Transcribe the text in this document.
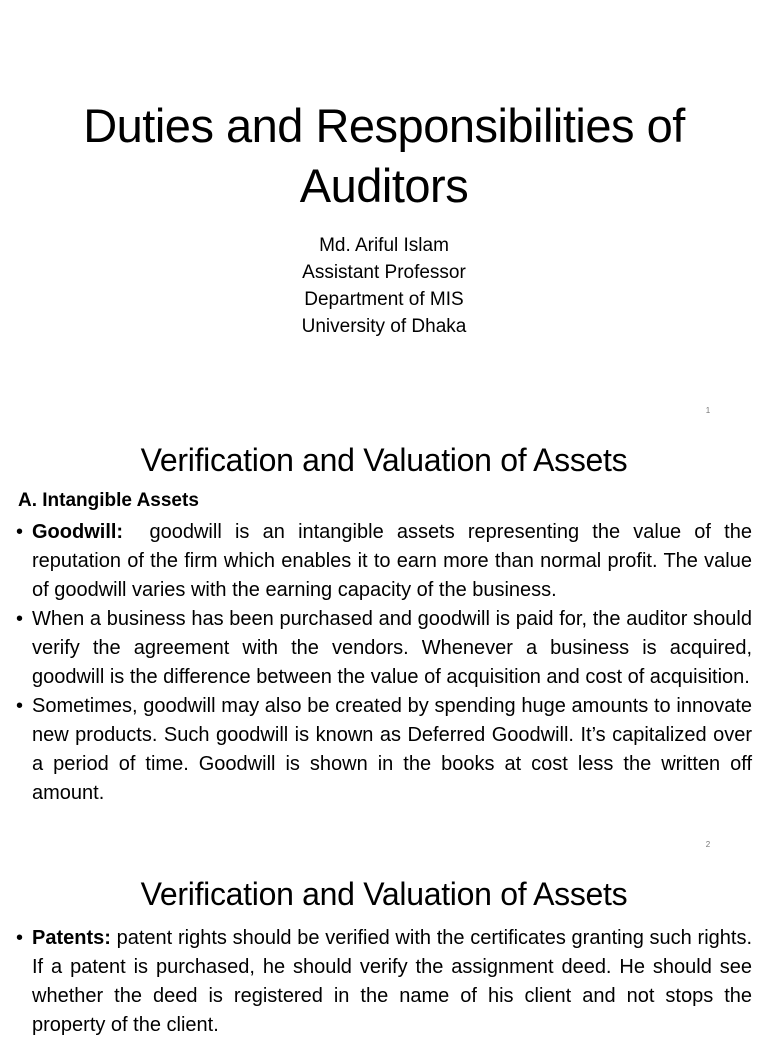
Duties and Responsibilities of Auditors
Md. Ariful Islam
Assistant Professor
Department of MIS
University of Dhaka
1
Verification and Valuation of Assets
A. Intangible Assets
• Goodwill:  goodwill is an intangible assets representing the value of the reputation of the firm which enables it to earn more than normal profit. The value of goodwill varies with the earning capacity of the business.
• When a business has been purchased and goodwill is paid for, the auditor should verify the agreement with the vendors. Whenever a business is acquired, goodwill is the difference between the value of acquisition and cost of acquisition.
• Sometimes, goodwill may also be created by spending huge amounts to innovate new products. Such goodwill is known as Deferred Goodwill. It’s capitalized over a period of time. Goodwill is shown in the books at cost less the written off amount.
2
Verification and Valuation of Assets
• Patents: patent rights should be verified with the certificates granting such rights. If a patent is purchased, he should verify the assignment deed. He should see whether the deed is registered in the name of his client and not stops the property of the client.
